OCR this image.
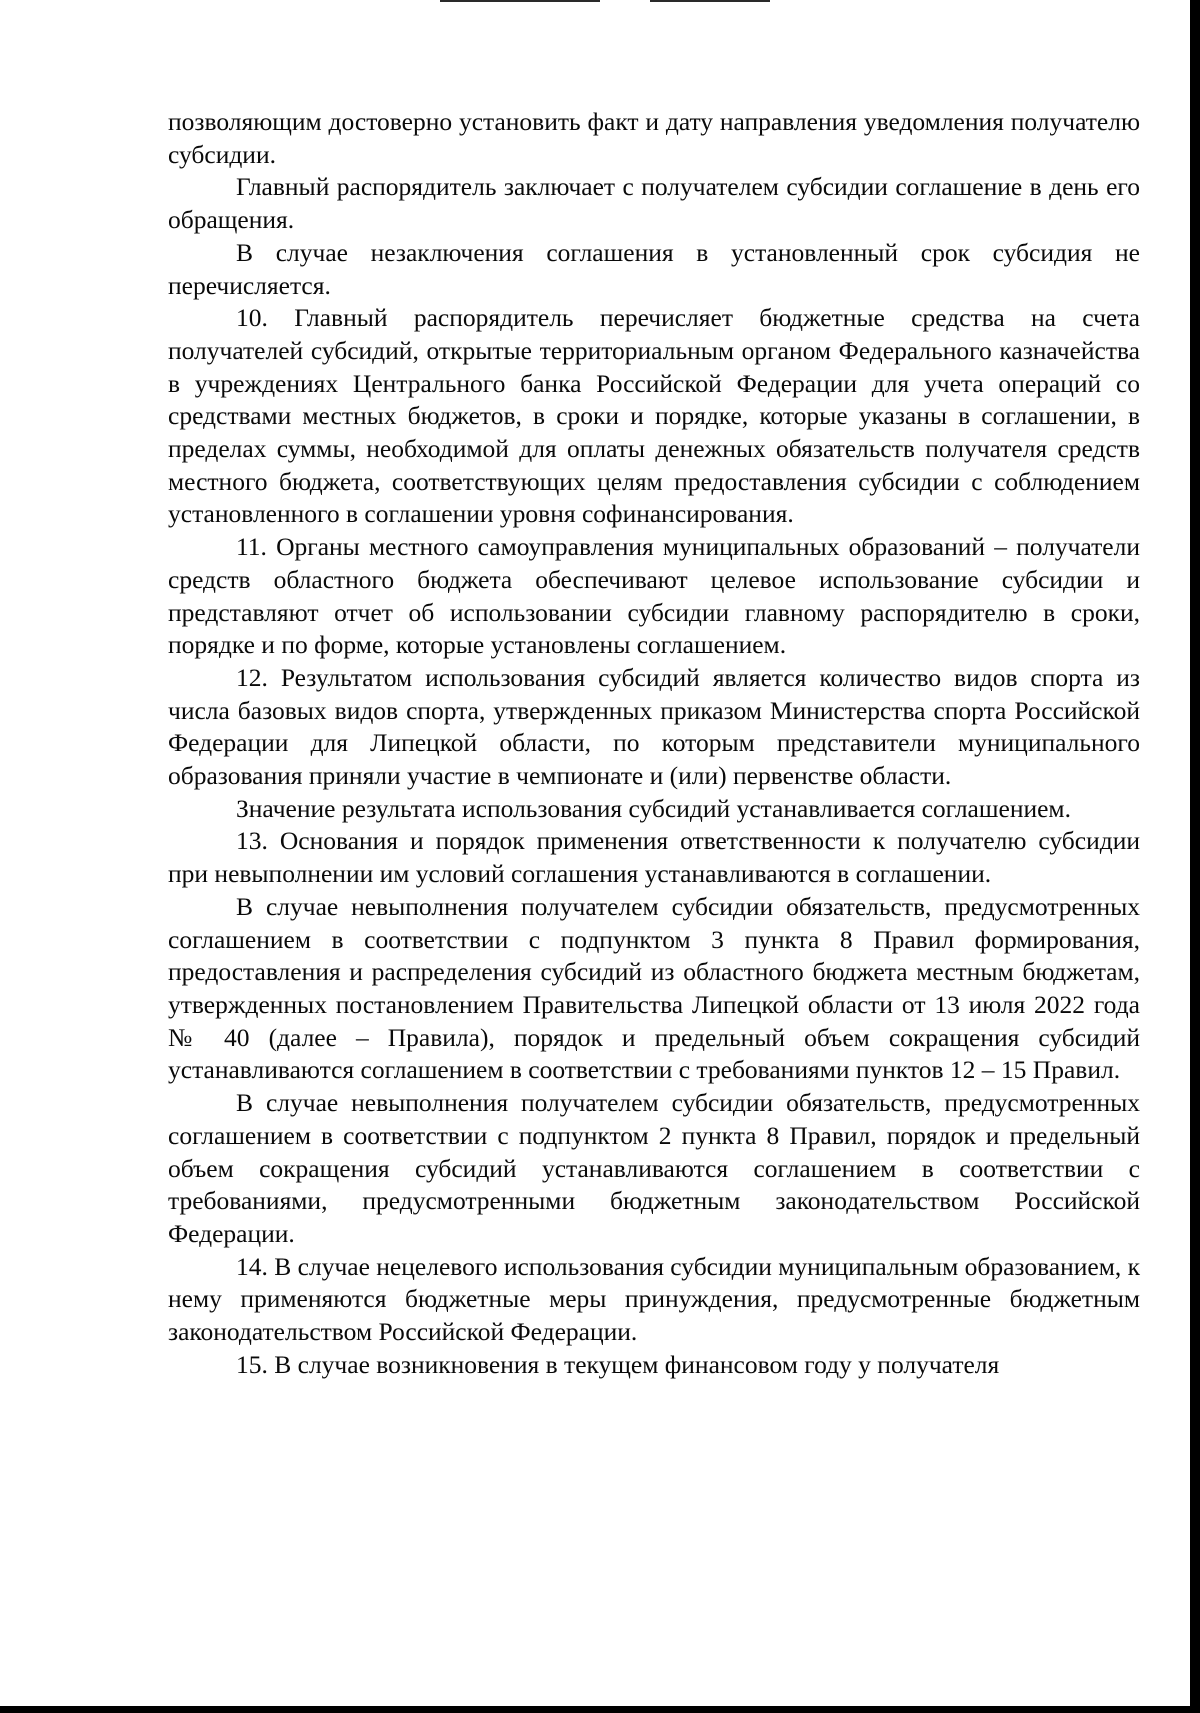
позволяющим достоверно установить факт и дату направления уведомления получателю субсидии.

Главный распорядитель заключает с получателем субсидии соглашение в день его обращения.

В случае незаключения соглашения в установленный срок субсидия не перечисляется.

10. Главный распорядитель перечисляет бюджетные средства на счета получателей субсидий, открытые территориальным органом Федерального казначейства в учреждениях Центрального банка Российской Федерации для учета операций со средствами местных бюджетов, в сроки и порядке, которые указаны в соглашении, в пределах суммы, необходимой для оплаты денежных обязательств получателя средств местного бюджета, соответствующих целям предоставления субсидии с соблюдением установленного в соглашении уровня софинансирования.

11. Органы местного самоуправления муниципальных образований – получатели средств областного бюджета обеспечивают целевое использование субсидии и представляют отчет об использовании субсидии главному распорядителю в сроки, порядке и по форме, которые установлены соглашением.

12. Результатом использования субсидий является количество видов спорта из числа базовых видов спорта, утвержденных приказом Министерства спорта Российской Федерации для Липецкой области, по которым представители муниципального образования приняли участие в чемпионате и (или) первенстве области.

Значение результата использования субсидий устанавливается соглашением.

13. Основания и порядок применения ответственности к получателю субсидии при невыполнении им условий соглашения устанавливаются в соглашении.

В случае невыполнения получателем субсидии обязательств, предусмотренных соглашением в соответствии с подпунктом 3 пункта 8 Правил формирования, предоставления и распределения субсидий из областного бюджета местным бюджетам, утвержденных постановлением Правительства Липецкой области от 13 июля 2022 года № 40 (далее – Правила), порядок и предельный объем сокращения субсидий устанавливаются соглашением в соответствии с требованиями пунктов 12 – 15 Правил.

В случае невыполнения получателем субсидии обязательств, предусмотренных соглашением в соответствии с подпунктом 2 пункта 8 Правил, порядок и предельный объем сокращения субсидий устанавливаются соглашением в соответствии с требованиями, предусмотренными бюджетным законодательством Российской Федерации.

14. В случае нецелевого использования субсидии муниципальным образованием, к нему применяются бюджетные меры принуждения, предусмотренные бюджетным законодательством Российской Федерации.

15. В случае возникновения в текущем финансовом году у получателя
